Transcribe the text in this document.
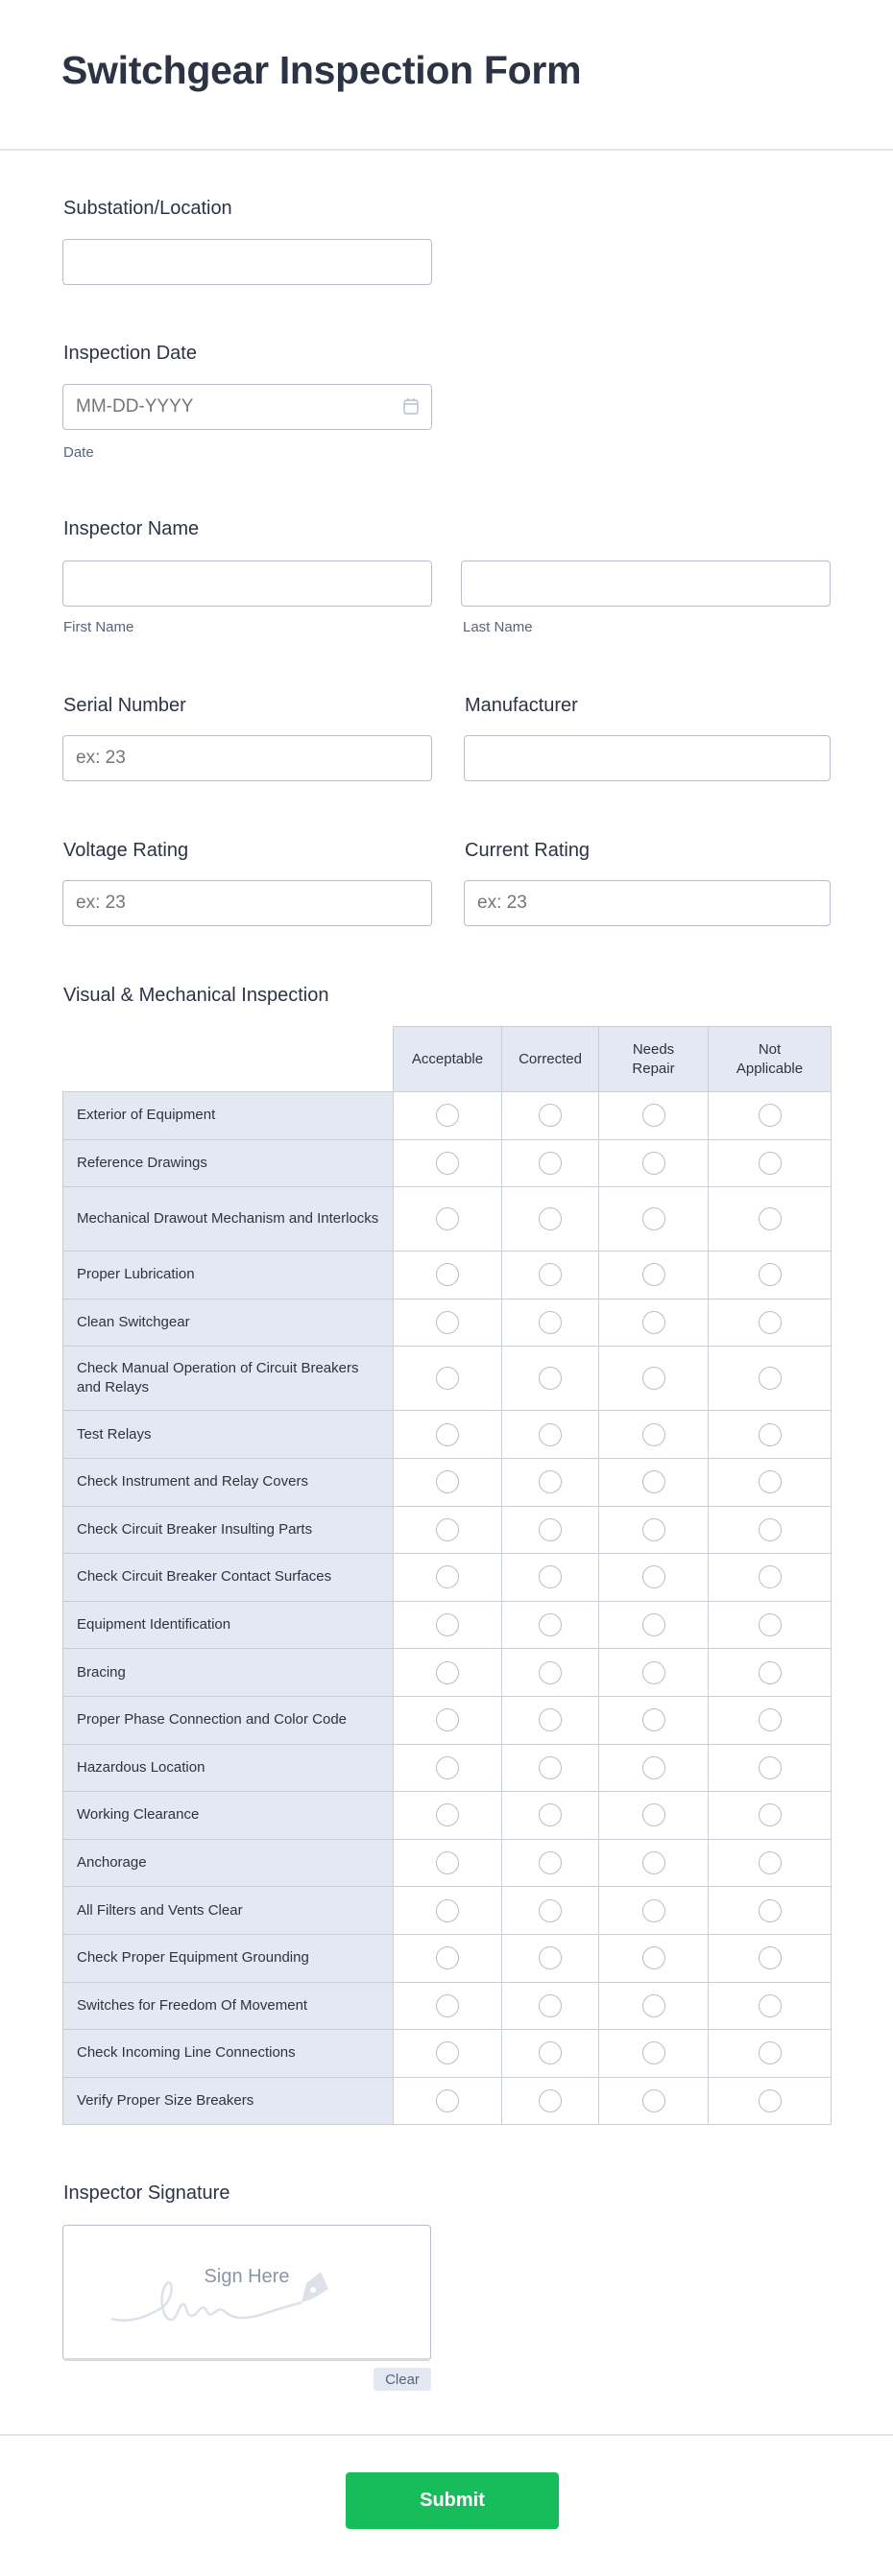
Switchgear Inspection Form
Substation/Location
Inspection Date
MM-DD-YYYY
Date
Inspector Name
First Name	Last Name
Serial Number	Manufacturer
ex: 23
Voltage Rating	Current Rating
ex: 23
ex: 23
Visual & Mechanical Inspection
	Acceptable	Corrected	Needs Repair	Not Applicable
Exterior of Equipment				
Reference Drawings				
Mechanical Drawout Mechanism and Interlocks				
Proper Lubrication				
Clean Switchgear				
Check Manual Operation of Circuit Breakers and Relays				
Test Relays				
Check Instrument and Relay Covers				
Check Circuit Breaker Insulting Parts				
Check Circuit Breaker Contact Surfaces				
Equipment Identification				
Bracing				
Proper Phase Connection and Color Code				
Hazardous Location				
Working Clearance				
Anchorage				
All Filters and Vents Clear				
Check Proper Equipment Grounding				
Switches for Freedom Of Movement				
Check Incoming Line Connections				
Verify Proper Size Breakers				
Inspector Signature
Sign Here
Clear
Submit
